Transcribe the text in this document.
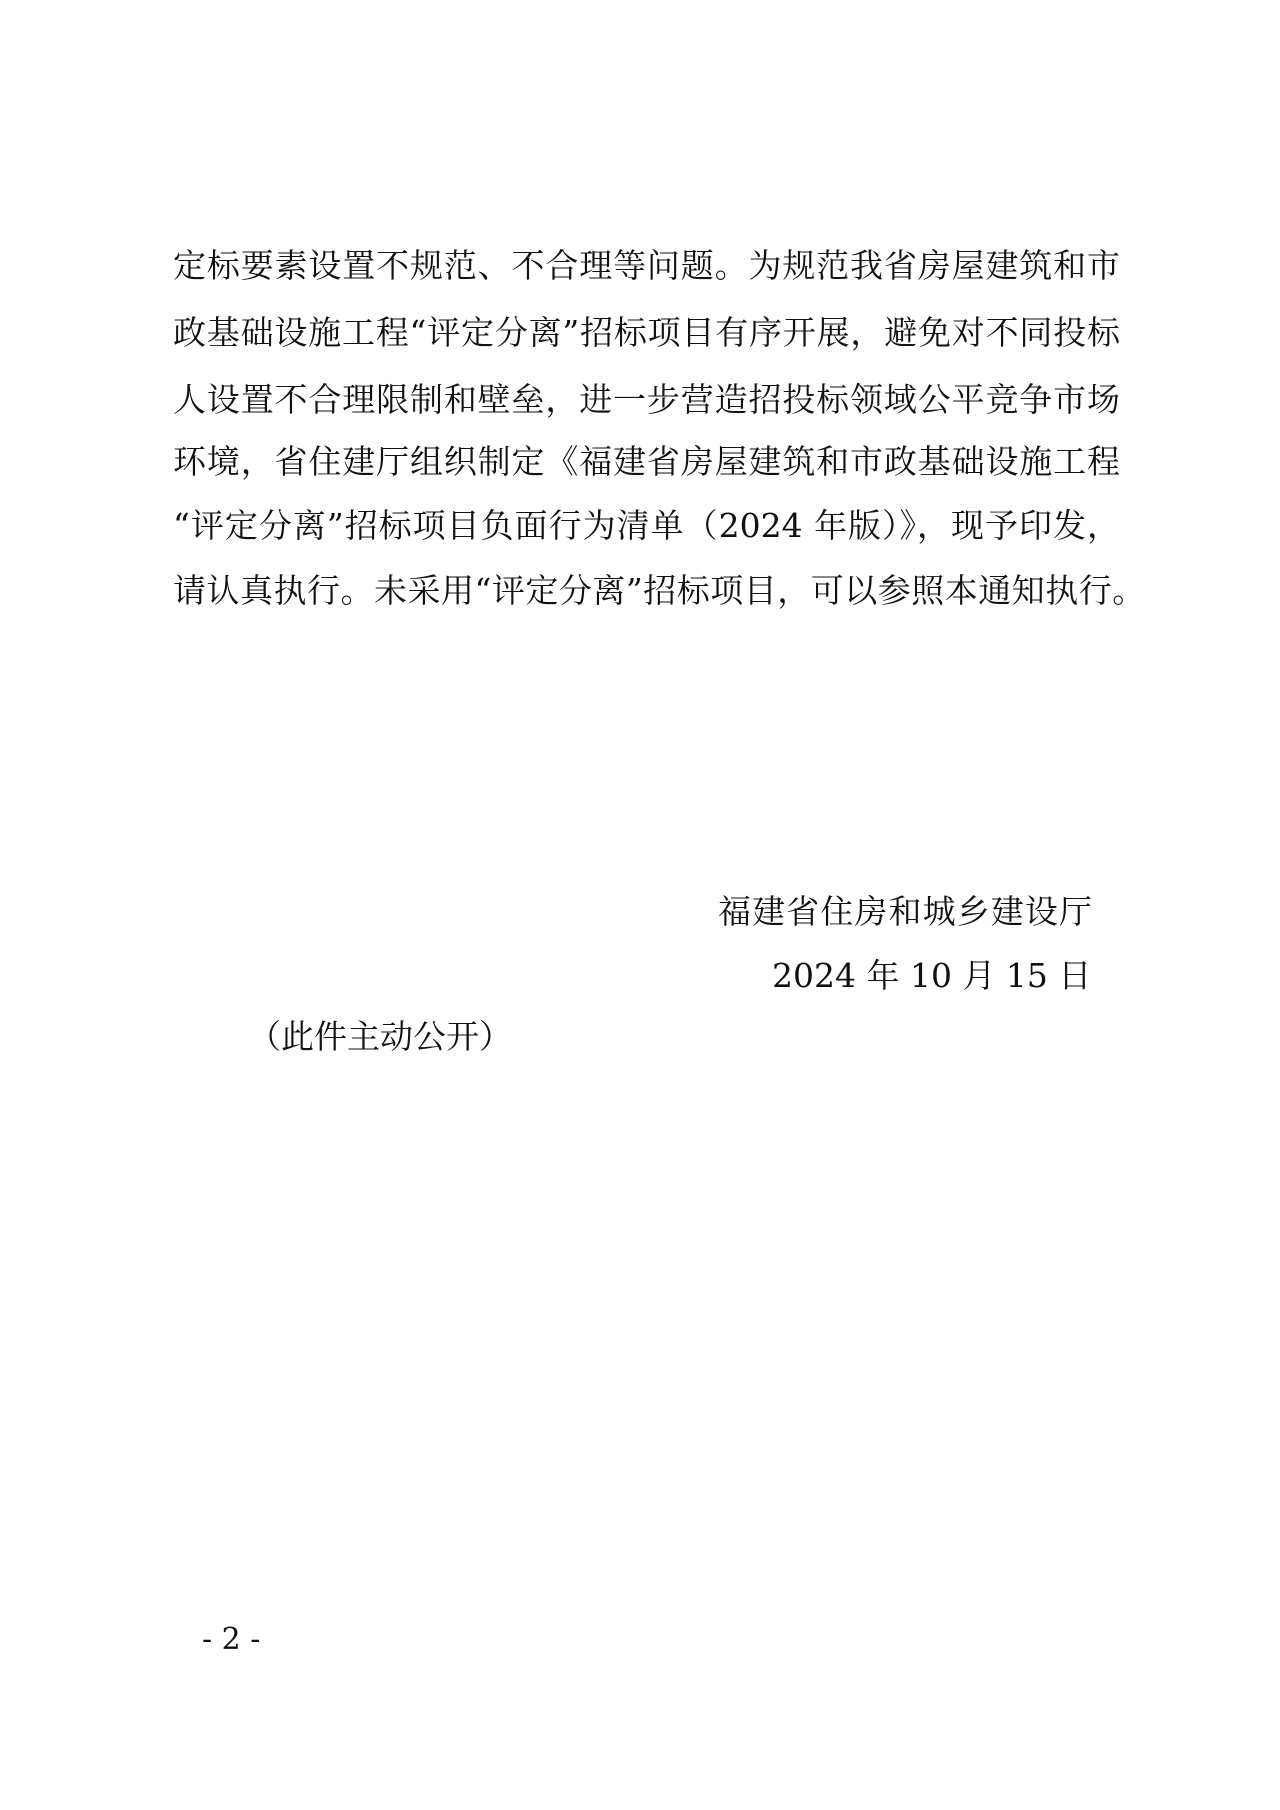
定标要素设置不规范、不合理等问题。为规范我省房屋建筑和市
政基础设施工程“评定分离”招标项目有序开展，避免对不同投标
人设置不合理限制和壁垒，进一步营造招投标领域公平竞争市场
环境，省住建厅组织制定《福建省房屋建筑和市政基础设施工程
“评定分离”招标项目负面行为清单（2024 年版）》，现予印发，
请认真执行。未采用“评定分离”招标项目，可以参照本通知执行。
福建省住房和城乡建设厅
2024 年 10 月 15 日
（此件主动公开）
- 2 -
